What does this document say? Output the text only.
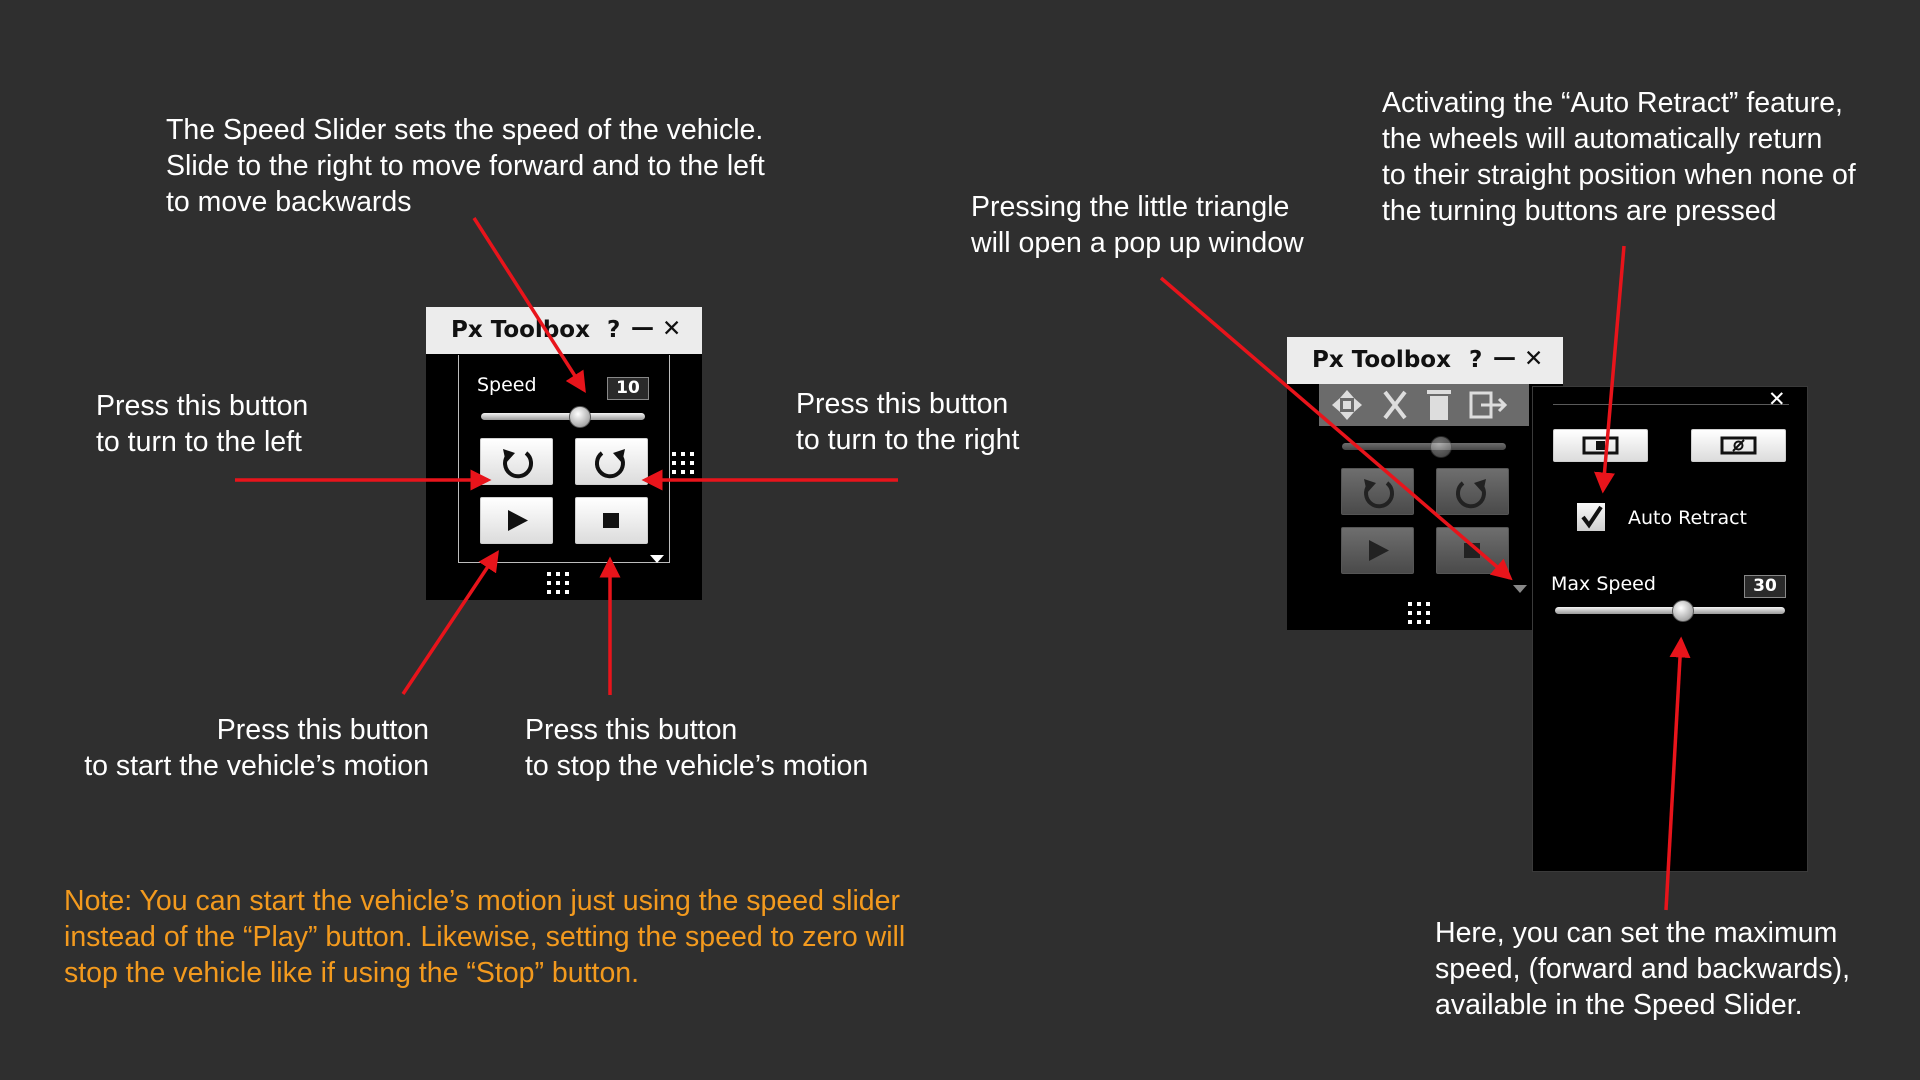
The Speed Slider sets the speed of the vehicle.
Slide to the right to move forward and to the left
to move backwards
Press this button
to turn to the left
Press this button
to turn to the right
Press this button
to start the vehicle’s motion
Press this button
to stop the vehicle’s motion
Pressing the little triangle
will open a pop up window
Activating the “Auto Retract” feature,
the wheels will automatically return
to their straight position when none of
the turning buttons are pressed
Here, you can set the maximum
speed, (forward and backwards),
available in the Speed Slider.
Note: You can start the vehicle’s motion just using the speed slider
instead of the “Play” button. Likewise, setting the speed to zero will
stop the vehicle like if using the “Stop” button.
Px Toolbox ? — ✕
Speed	10
Px Toolbox ? — ✕
✕
Auto Retract
Max Speed	30
